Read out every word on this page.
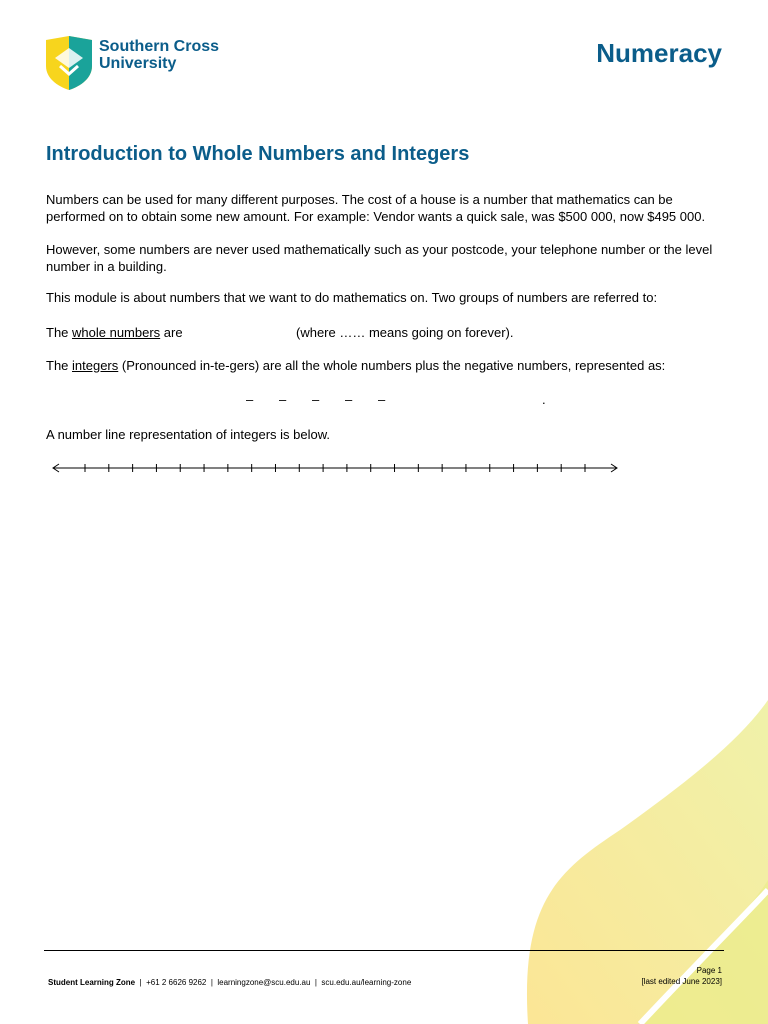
Southern Cross
University	Numeracy
Introduction to Whole Numbers and Integers

Numbers can be used for many different purposes. The cost of a house is a number that mathematics can be performed on to obtain some new amount. For example: Vendor wants a quick sale, was $500 000, now $495 000.

However, some numbers are never used mathematically such as your postcode, your telephone number or the level number in a building.

This module is about numbers that we want to do mathematics on. Two groups of numbers are referred to:

The whole numbers are	(where …… means going on forever).
The integers (Pronounced in-te-gers) are all the whole numbers plus the negative numbers, represented as:
– – – – –	.
A number line representation of integers is below.
Student Learning Zone | +61 2 6626 9262 | learningzone@scu.edu.au | scu.edu.au/learning-zone
Page 1
[last edited June 2023]
